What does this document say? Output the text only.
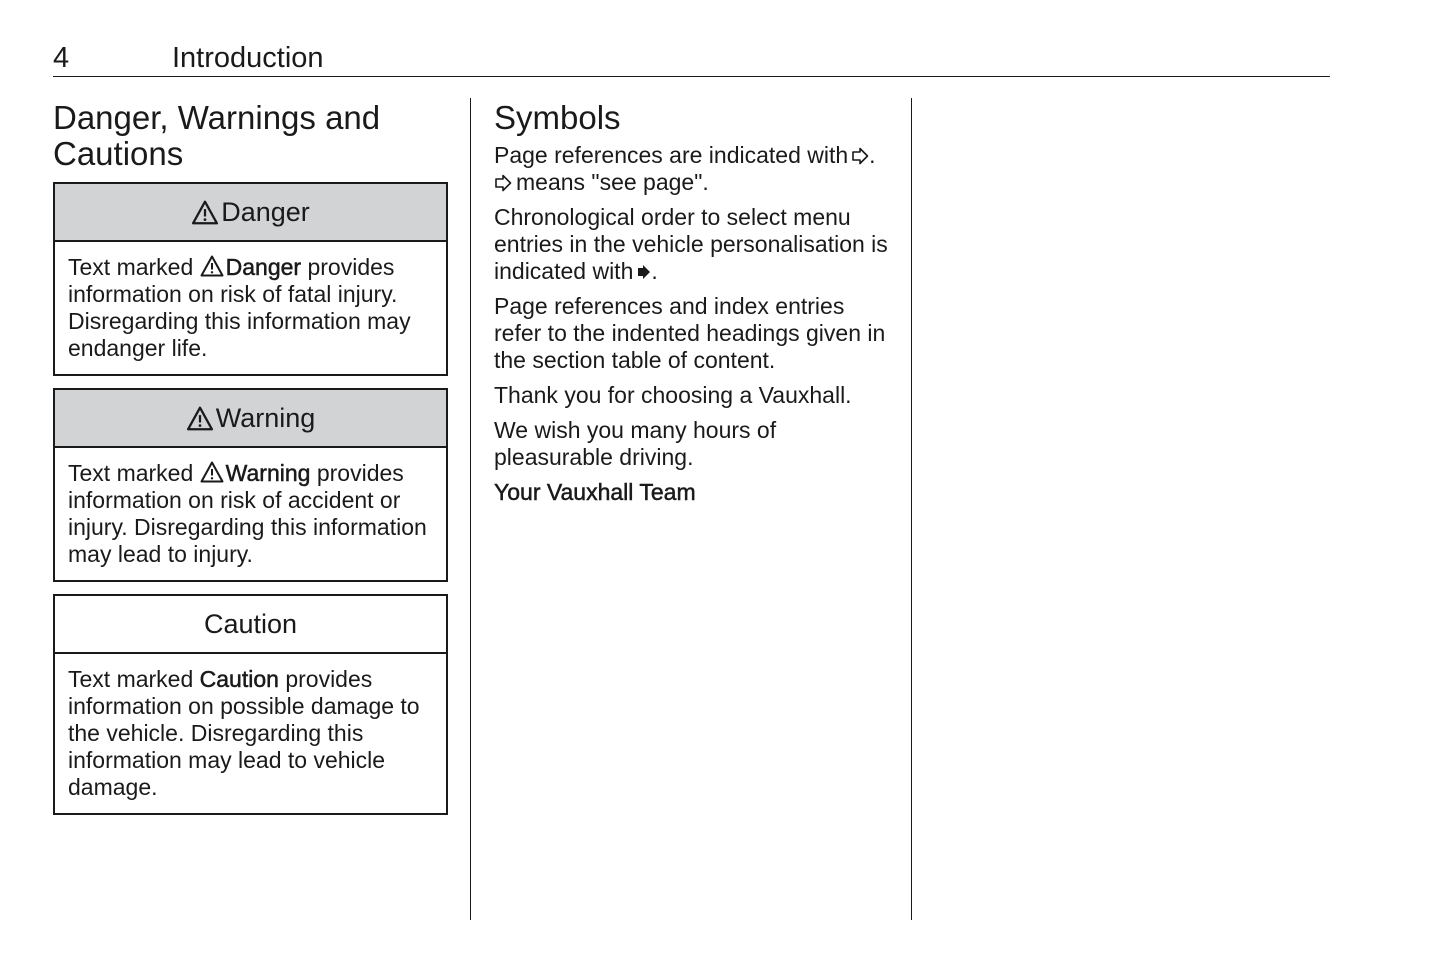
4	Introduction
Danger, Warnings and
Cautions
Danger
Text marked Danger provides information on risk of fatal injury. Disregarding this information may endanger life.
Warning
Text marked Warning provides information on risk of accident or injury. Disregarding this information may lead to injury.
Caution
Text marked Caution provides information on possible damage to the vehicle. Disregarding this information may lead to vehicle damage.
Symbols

Page references are indicated with .
means "see page".

Chronological order to select menu entries in the vehicle personalisation is indicated with .

Page references and index entries refer to the indented headings given in the section table of content.

Thank you for choosing a Vauxhall.

We wish you many hours of pleasurable driving.

Your Vauxhall Team
